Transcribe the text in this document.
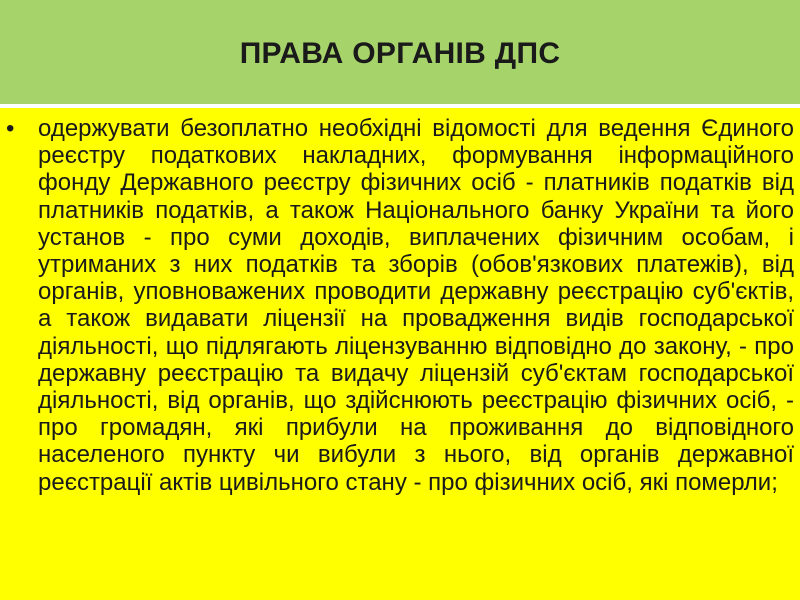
ПРАВА ОРГАНІВ ДПС
• одержувати безоплатно необхідні відомості для ведення Єдиного реєстру податкових накладних, формування інформаційного фонду Державного реєстру фізичних осіб - платників податків від платників податків, а також Національного банку України та його установ - про суми доходів, виплачених фізичним особам, і утриманих з них податків та зборів (обов'язкових платежів), від органів, уповноважених проводити державну реєстрацію суб'єктів, а також видавати ліцензії на провадження видів господарської діяльності, що підлягають ліцензуванню відповідно до закону, - про державну реєстрацію та видачу ліцензій суб'єктам господарської діяльності, від органів, що здійснюють реєстрацію фізичних осіб, - про громадян, які прибули на проживання до відповідного населеного пункту чи вибули з нього, від органів державної реєстрації актів цивільного стану - про фізичних осіб, які померли;
